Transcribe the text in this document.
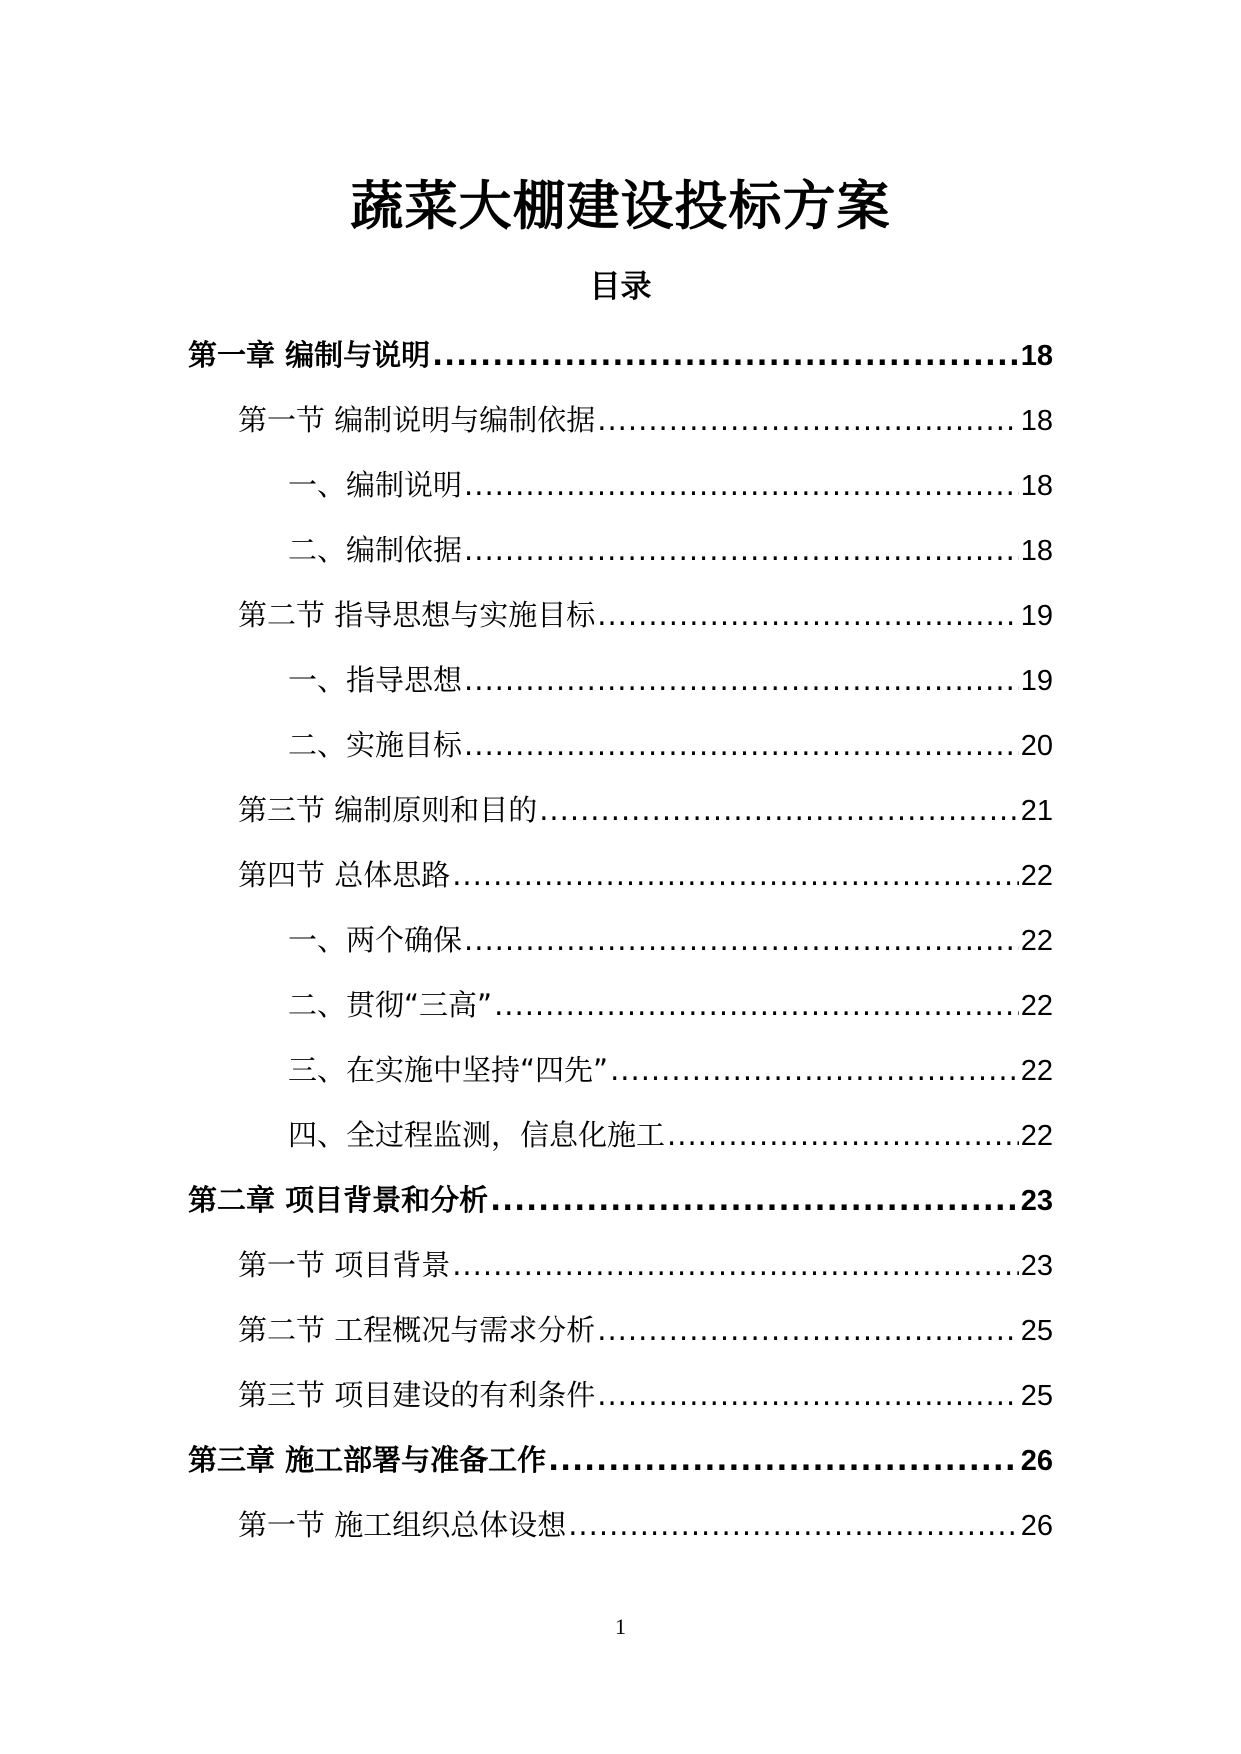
蔬菜大棚建设投标方案
目录
第一章 编制与说明 .....	18
第一节 编制说明与编制依据 .....	18
一、编制说明 .....	18
二、编制依据 .....	18
第二节 指导思想与实施目标 .....	19
一、指导思想 .....	19
二、实施目标 .....	20
第三节 编制原则和目的 .....	21
第四节 总体思路 .....	22
一、两个确保 .....	22
二、贯彻“三高” .....	22
三、在实施中坚持“四先” .....	22
四、全过程监测，信息化施工 .....	22
第二章 项目背景和分析 .....	23
第一节 项目背景 .....	23
第二节 工程概况与需求分析 .....	25
第三节 项目建设的有利条件 .....	25
第三章 施工部署与准备工作 .....	26
第一节 施工组织总体设想 .....	26
1
